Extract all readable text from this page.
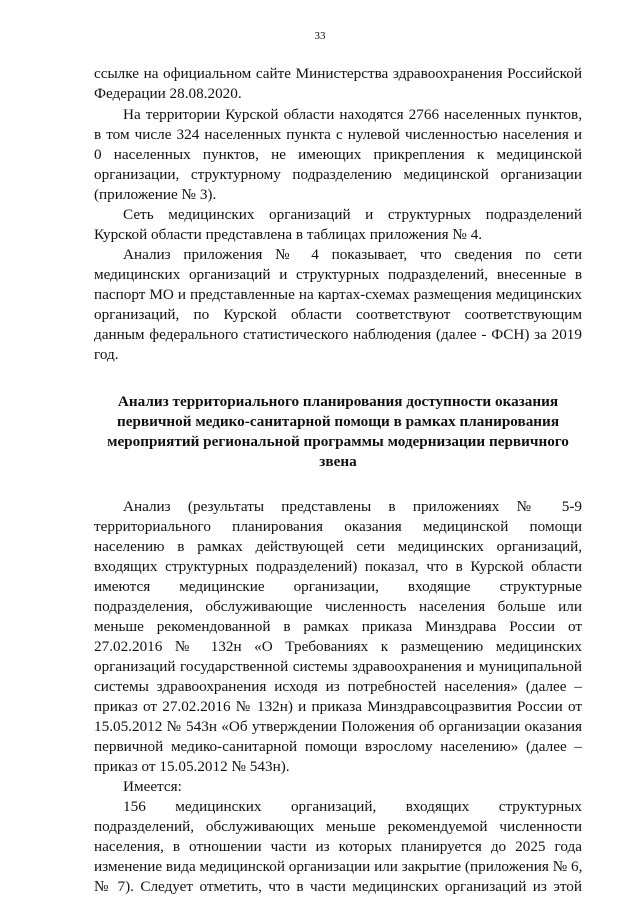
33
ссылке на официальном сайте Министерства здравоохранения Российской
Федерации 28.08.2020.
На территории Курской области находятся 2766 населенных пунктов,
в том числе 324 населенных пункта с нулевой численностью населения и
0 населенных пунктов, не имеющих прикрепления к медицинской
организации, структурному подразделению медицинской организации
(приложение № 3).
Сеть медицинских организаций и структурных подразделений
Курской области представлена в таблицах приложения № 4.
Анализ приложения № 4 показывает, что сведения по сети
медицинских организаций и структурных подразделений, внесенные в
паспорт МО и представленные на картах-схемах размещения медицинских
организаций, по Курской области соответствуют соответствующим
данным федерального статистического наблюдения (далее - ФСН) за 2019
год.
Анализ территориального планирования доступности оказания
первичной медико-санитарной помощи в рамках планирования
мероприятий региональной программы модернизации первичного
звена
Анализ (результаты представлены в приложениях № 5-9
территориального планирования оказания медицинской помощи
населению в рамках действующей сети медицинских организаций,
входящих структурных подразделений) показал, что в Курской области
имеются медицинские организации, входящие структурные
подразделения, обслуживающие численность населения больше или
меньше рекомендованной в рамках приказа Минздрава России от
27.02.2016 № 132н «О Требованиях к размещению медицинских
организаций государственной системы здравоохранения и муниципальной
системы здравоохранения исходя из потребностей населения» (далее –
приказ от 27.02.2016 № 132н) и приказа Минздравсоцразвития России от
15.05.2012 № 543н «Об утверждении Положения об организации оказания
первичной медико-санитарной помощи взрослому населению» (далее –
приказ от 15.05.2012 № 543н).
Имеется:
156 медицинских организаций, входящих структурных
подразделений, обслуживающих меньше рекомендуемой численности
населения, в отношении части из которых планируется до 2025 года
изменение вида медицинской организации или закрытие (приложения № 6,
№ 7). Следует отметить, что в части медицинских организаций из этой
